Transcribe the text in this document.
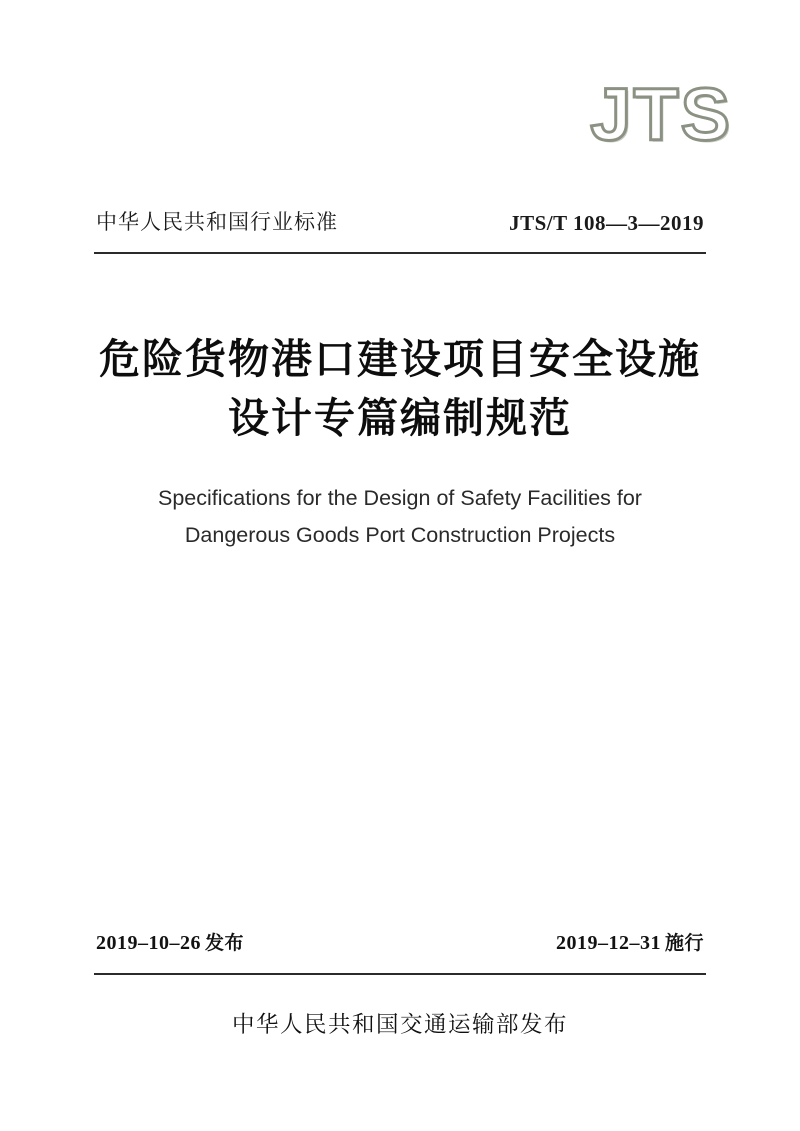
JTS
中华人民共和国行业标准	JTS/T 108—3—2019
危险货物港口建设项目安全设施
设计专篇编制规范
Specifications for the Design of Safety Facilities for
Dangerous Goods Port Construction Projects
2019–10–26 发布	2019–12–31 施行
中华人民共和国交通运输部发布
